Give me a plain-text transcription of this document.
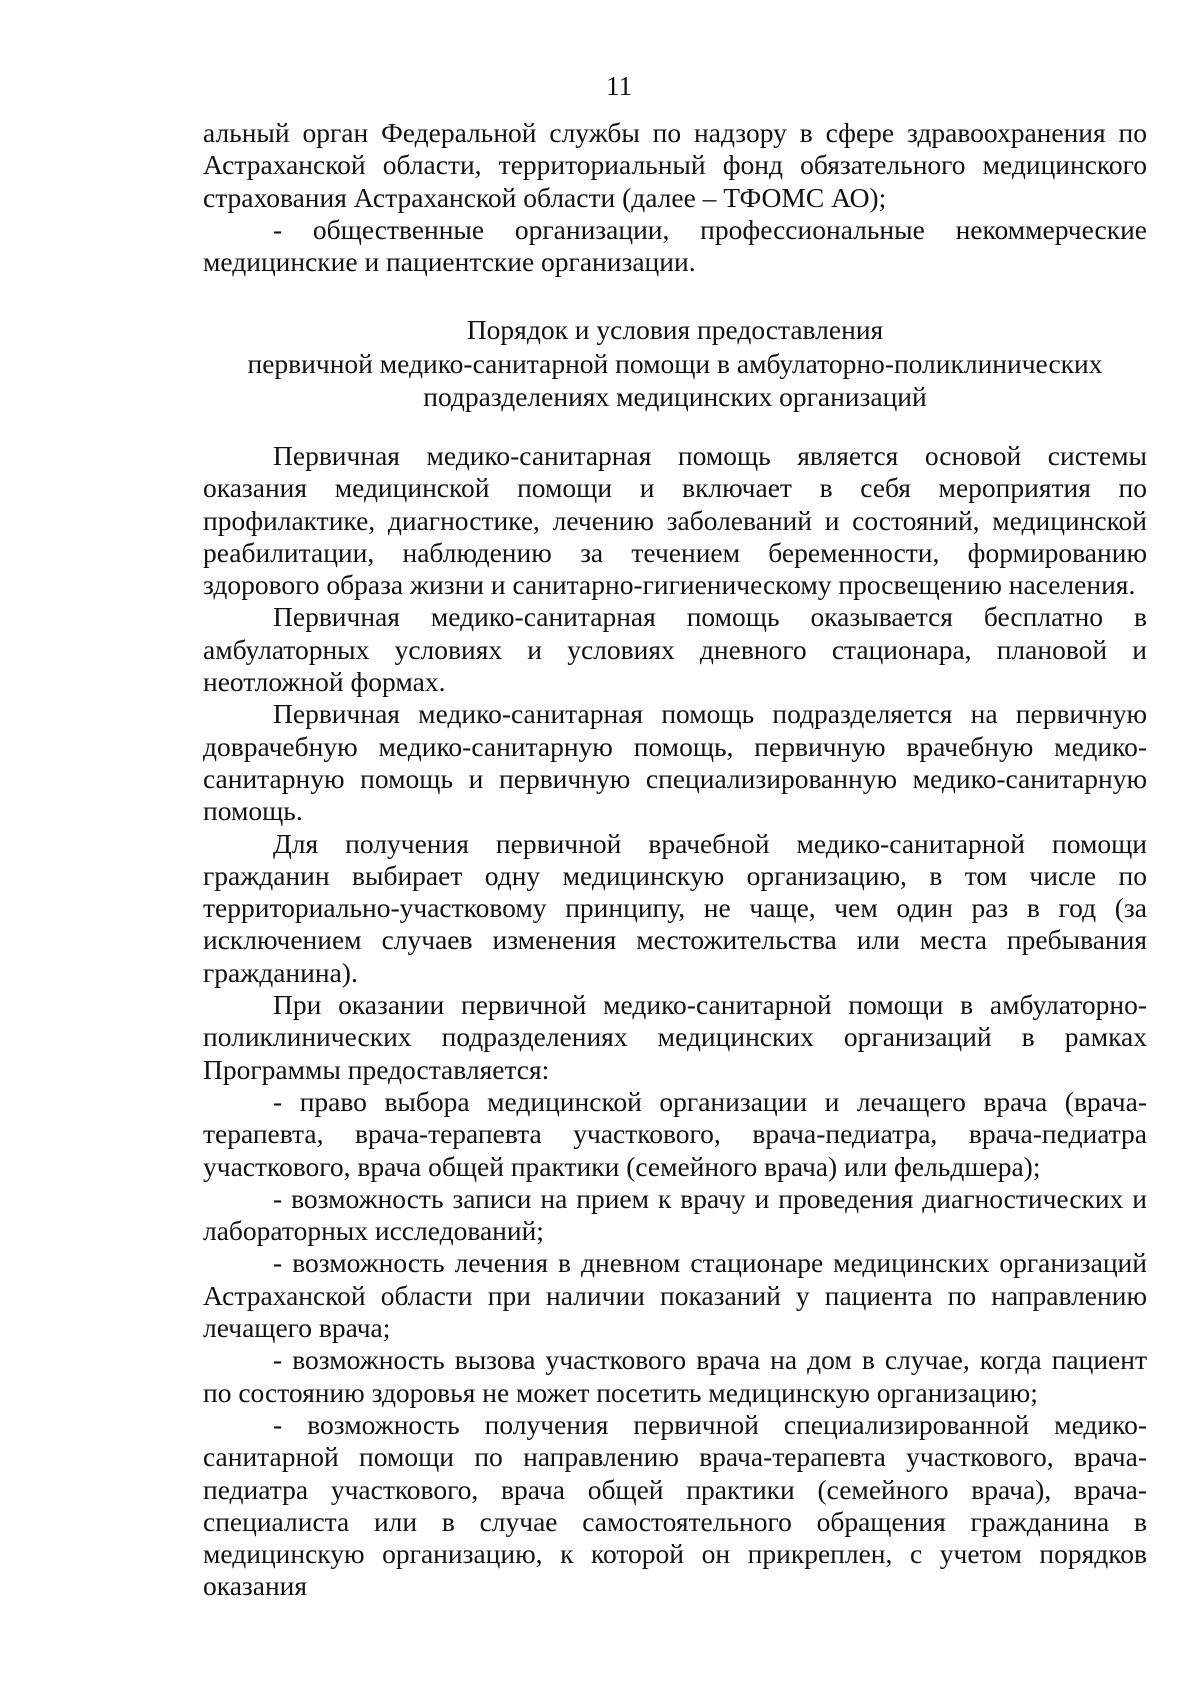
11

альный орган Федеральной службы по надзору в сфере здравоохранения по Астраханской области, территориальный фонд обязательного медицинского страхования Астраханской области (далее – ТФОМС АО);

- общественные организации, профессиональные некоммерческие медицинские и пациентские организации.

Порядок и условия предоставления

первичной медико-санитарной помощи в амбулаторно-поликлинических

подразделениях медицинских организаций

Первичная медико-санитарная помощь является основой системы оказания медицинской помощи и включает в себя мероприятия по профилактике, диагностике, лечению заболеваний и состояний, медицинской реабилитации, наблюдению за течением беременности, формированию здорового образа жизни и санитарно-гигиеническому просвещению населения.

Первичная медико-санитарная помощь оказывается бесплатно в амбулаторных условиях и условиях дневного стационара, плановой и неотложной формах.

Первичная медико-санитарная помощь подразделяется на первичную доврачебную медико-санитарную помощь, первичную врачебную медико-санитарную помощь и первичную специализированную медико-санитарную помощь.

Для получения первичной врачебной медико-санитарной помощи гражданин выбирает одну медицинскую организацию, в том числе по территориально-участковому принципу, не чаще, чем один раз в год (за исключением случаев изменения местожительства или места пребывания гражданина).

При оказании первичной медико-санитарной помощи в амбулаторно-поликлинических подразделениях медицинских организаций в рамках Программы предоставляется:

- право выбора медицинской организации и лечащего врача (врача-терапевта, врача-терапевта участкового, врача-педиатра, врача-педиатра участкового, врача общей практики (семейного врача) или фельдшера);

- возможность записи на прием к врачу и проведения диагностических и лабораторных исследований;

- возможность лечения в дневном стационаре медицинских организаций Астраханской области при наличии показаний у пациента по направлению лечащего врача;

- возможность вызова участкового врача на дом в случае, когда пациент по состоянию здоровья не может посетить медицинскую организацию;

- возможность получения первичной специализированной медико-санитарной помощи по направлению врача-терапевта участкового, врача-педиатра участкового, врача общей практики (семейного врача), врача-специалиста или в случае самостоятельного обращения гражданина в медицинскую организацию, к которой он прикреплен, с учетом порядков оказания
